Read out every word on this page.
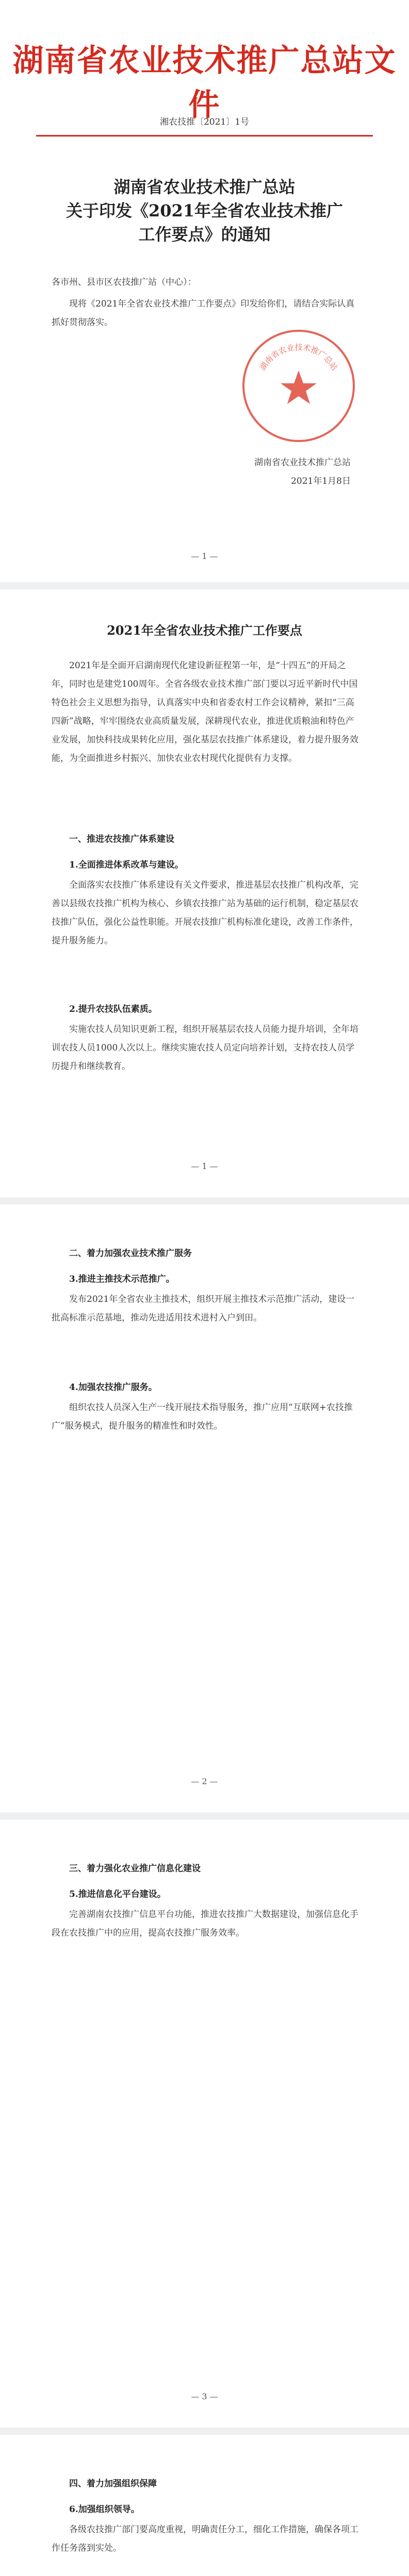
湖南省农业技术推广总站文件
湘农技推〔2021〕1号
湖南省农业技术推广总站
关于印发《2021年全省农业技术推广
工作要点》的通知

各市州、县市区农技推广站（中心）：

现将《2021年全省农业技术推广工作要点》印发给你们，请结合实际认真抓好贯彻落实。

湖南省农业技术推广总站

湖南省农业技术推广总站

2021年1月8日

— 1 —
2021年全省农业技术推广工作要点

2021年是全面开启湖南现代化建设新征程第一年，是“十四五”的开局之年，同时也是建党100周年。全省各级农业技术推广部门要以习近平新时代中国特色社会主义思想为指导，认真落实中央和省委农村工作会议精神，紧扣“三高四新”战略，牢牢围绕农业高质量发展，深耕现代农业，推进优质粮油和特色产业发展，加快科技成果转化应用，强化基层农技推广体系建设，着力提升服务效能，为全面推进乡村振兴、加快农业农村现代化提供有力支撑。

一、推进农技推广体系建设
1.全面推进体系改革与建设。

全面落实农技推广体系建设有关文件要求，推进基层农技推广机构改革，完善以县级农技推广机构为核心、乡镇农技推广站为基础的运行机制，稳定基层农技推广队伍，强化公益性职能。开展农技推广机构标准化建设，改善工作条件，提升服务能力。

2.提升农技队伍素质。

实施农技人员知识更新工程，组织开展基层农技人员能力提升培训，全年培训农技人员1000人次以上。继续实施农技人员定向培养计划，支持农技人员学历提升和继续教育。

— 1 —
二、着力加强农业技术推广服务
3.推进主推技术示范推广。

发布2021年全省农业主推技术，组织开展主推技术示范推广活动，建设一批高标准示范基地，推动先进适用技术进村入户到田。

4.加强农技推广服务。

组织农技人员深入生产一线开展技术指导服务，推广应用“互联网+农技推广”服务模式，提升服务的精准性和时效性。

— 2 —
三、着力强化农业推广信息化建设
5.推进信息化平台建设。

完善湖南农技推广信息平台功能，推进农技推广大数据建设，加强信息化手段在农技推广中的应用，提高农技推广服务效率。

— 3 —
四、着力加强组织保障
6.加强组织领导。

各级农技推广部门要高度重视，明确责任分工，细化工作措施，确保各项工作任务落到实处。
